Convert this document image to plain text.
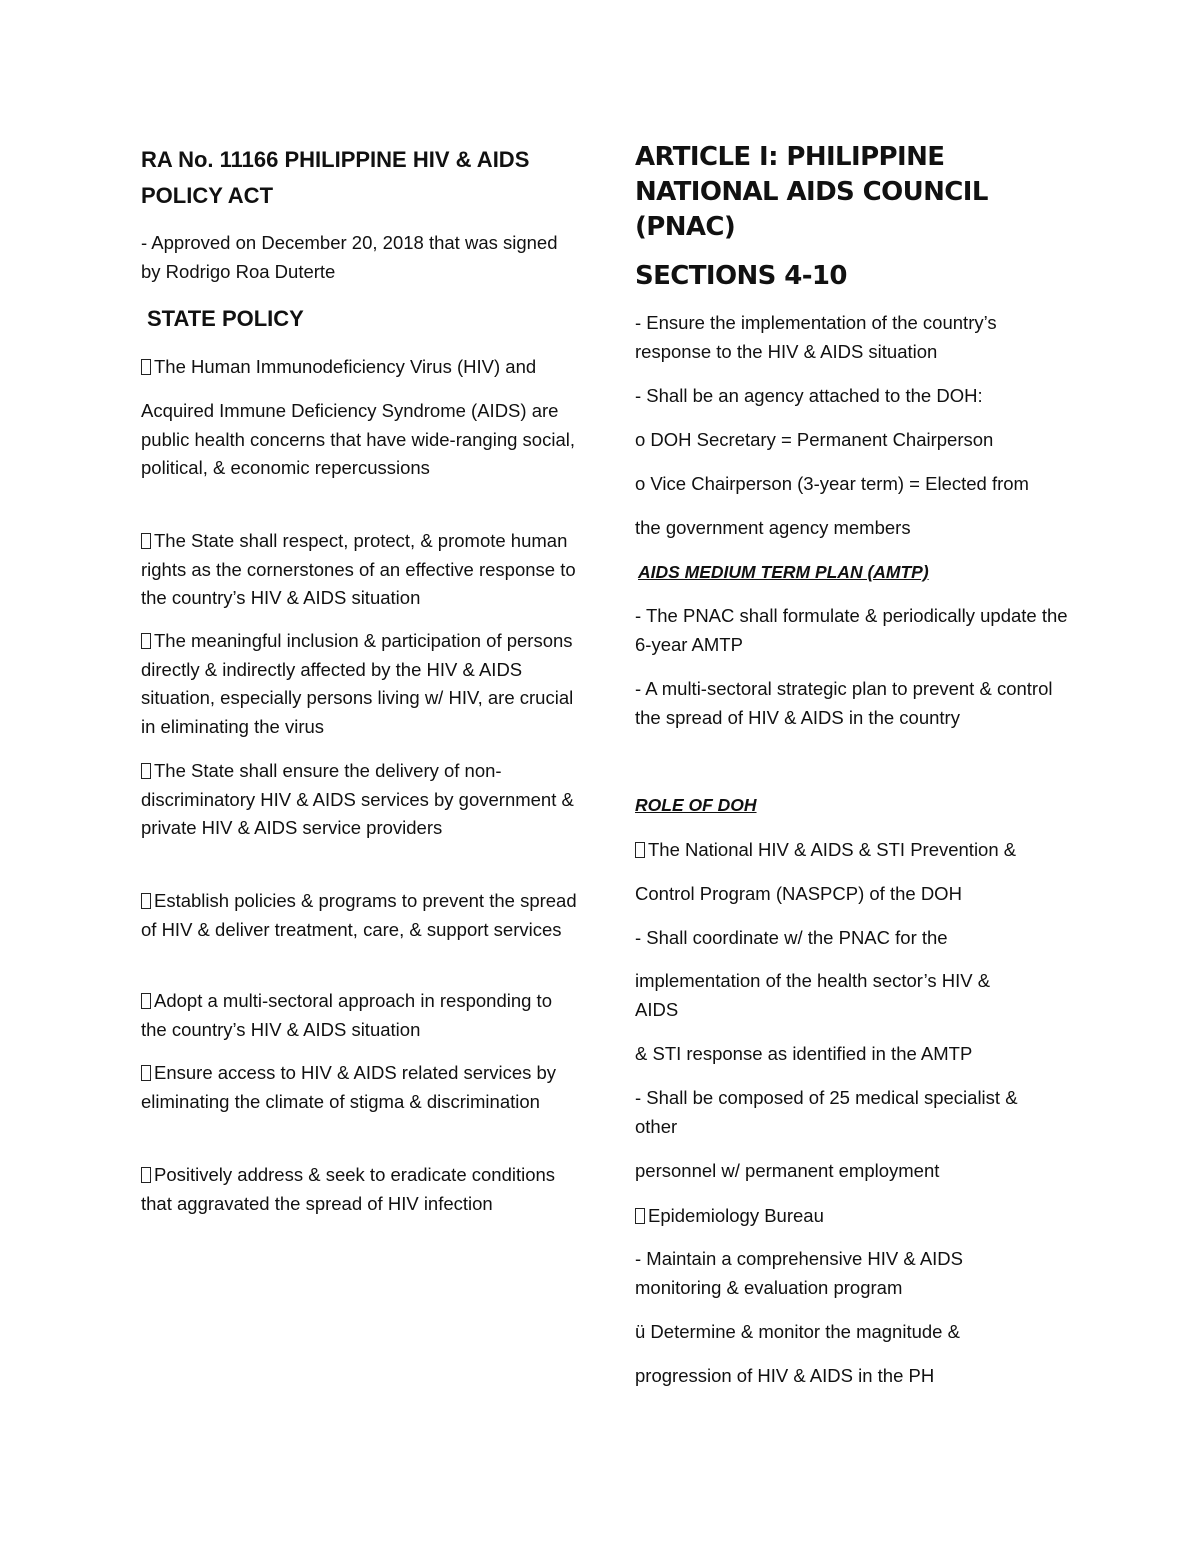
RA No. 11166 PHILIPPINE HIV & AIDS POLICY ACT

- Approved on December 20, 2018 that was signed by Rodrigo Roa Duterte

STATE POLICY

The Human Immunodeficiency Virus (HIV) and

Acquired Immune Deficiency Syndrome (AIDS) are public health concerns that have wide-ranging social, political, & economic repercussions

The State shall respect, protect, & promote human rights as the cornerstones of an effective response to the country’s HIV & AIDS situation

The meaningful inclusion & participation of persons directly & indirectly affected by the HIV & AIDS situation, especially persons living w/ HIV, are crucial in eliminating the virus

The State shall ensure the delivery of non-discriminatory HIV & AIDS services by government & private HIV & AIDS service providers

Establish policies & programs to prevent the spread of HIV & deliver treatment, care, & support services

Adopt a multi-sectoral approach in responding to the country’s HIV & AIDS situation

Ensure access to HIV & AIDS related services by eliminating the climate of stigma & discrimination

Positively address & seek to eradicate conditions that aggravated the spread of HIV infection

ARTICLE I: PHILIPPINE NATIONAL AIDS COUNCIL (PNAC)
SECTIONS 4-10

- Ensure the implementation of the country’s response to the HIV & AIDS situation

- Shall be an agency attached to the DOH:

o DOH Secretary = Permanent Chairperson

o Vice Chairperson (3-year term) = Elected from

the government agency members

AIDS MEDIUM TERM PLAN (AMTP)

- The PNAC shall formulate & periodically update the 6-year AMTP

- A multi-sectoral strategic plan to prevent & control the spread of HIV & AIDS in the country

ROLE OF DOH

The National HIV & AIDS & STI Prevention &

Control Program (NASPCP) of the DOH

- Shall coordinate w/ the PNAC for the

implementation of the health sector’s HIV & AIDS

& STI response as identified in the AMTP

- Shall be composed of 25 medical specialist & other

personnel w/ permanent employment

Epidemiology Bureau

- Maintain a comprehensive HIV & AIDS monitoring & evaluation program

ü Determine & monitor the magnitude &

progression of HIV & AIDS in the PH
